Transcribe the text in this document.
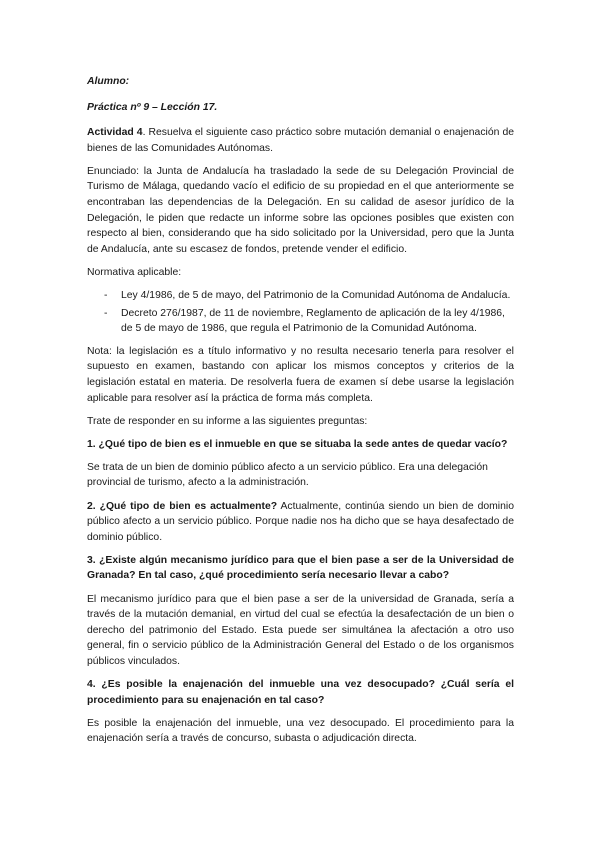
Alumno:

Práctica nº 9 – Lección 17.

Actividad 4. Resuelva el siguiente caso práctico sobre mutación demanial o enajenación de bienes de las Comunidades Autónomas.

Enunciado: la Junta de Andalucía ha trasladado la sede de su Delegación Provincial de Turismo de Málaga, quedando vacío el edificio de su propiedad en el que anteriormente se encontraban las dependencias de la Delegación. En su calidad de asesor jurídico de la Delegación, le piden que redacte un informe sobre las opciones posibles que existen con respecto al bien, considerando que ha sido solicitado por la Universidad, pero que la Junta de Andalucía, ante su escasez de fondos, pretende vender el edificio.

Normativa aplicable:

- Ley 4/1986, de 5 de mayo, del Patrimonio de la Comunidad Autónoma de Andalucía.
- Decreto 276/1987, de 11 de noviembre, Reglamento de aplicación de la ley 4/1986, de 5 de mayo de 1986, que regula el Patrimonio de la Comunidad Autónoma.

Nota: la legislación es a título informativo y no resulta necesario tenerla para resolver el supuesto en examen, bastando con aplicar los mismos conceptos y criterios de la legislación estatal en materia. De resolverla fuera de examen sí debe usarse la legislación aplicable para resolver así la práctica de forma más completa.

Trate de responder en su informe a las siguientes preguntas:

1. ¿Qué tipo de bien es el inmueble en que se situaba la sede antes de quedar vacío?

Se trata de un bien de dominio público afecto a un servicio público. Era una delegación provincial de turismo, afecto a la administración.

2. ¿Qué tipo de bien es actualmente? Actualmente, continúa siendo un bien de dominio público afecto a un servicio público. Porque nadie nos ha dicho que se haya desafectado de dominio público.

3. ¿Existe algún mecanismo jurídico para que el bien pase a ser de la Universidad de Granada? En tal caso, ¿qué procedimiento sería necesario llevar a cabo?

El mecanismo jurídico para que el bien pase a ser de la universidad de Granada, sería a través de la mutación demanial, en virtud del cual se efectúa la desafectación de un bien o derecho del patrimonio del Estado. Esta puede ser simultánea la afectación a otro uso general, fin o servicio público de la Administración General del Estado o de los organismos públicos vinculados.

4. ¿Es posible la enajenación del inmueble una vez desocupado? ¿Cuál sería el procedimiento para su enajenación en tal caso?

Es posible la enajenación del inmueble, una vez desocupado. El procedimiento para la enajenación sería a través de concurso, subasta o adjudicación directa.
